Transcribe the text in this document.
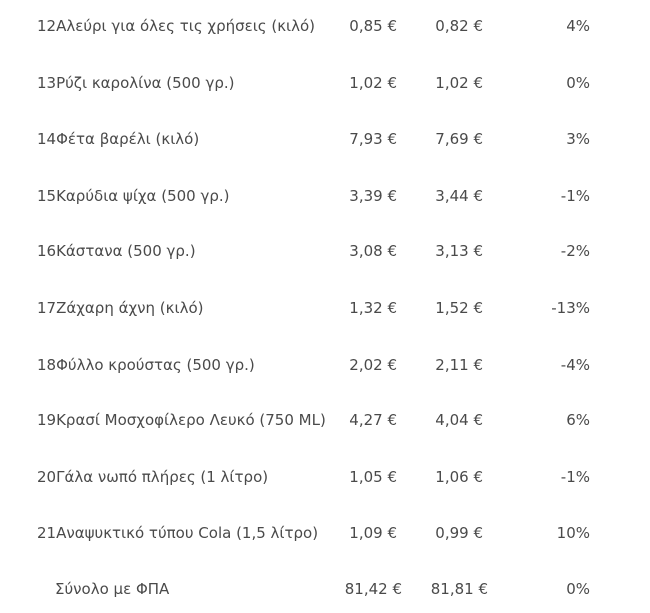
12Αλεύρι για όλες τις χρήσεις (κιλό) 0,85 €	0,82 €	4%
13Ρύζι καρολίνα (500 γρ.)	1,02 €	1,02 €	0%
14Φέτα βαρέλι (κιλό)	7,93 €	7,69 €	3%
15Καρύδια ψίχα (500 γρ.)	3,39 €	3,44 €	-1%
16Κάστανα (500 γρ.)	3,08 €	3,13 €	-2%
17Ζάχαρη άχνη (κιλό)	1,32 €	1,52 €	-13%
18Φύλλο κρούστας (500 γρ.)	2,02 €	2,11 €	-4%
19Κρασί Μοσχοφίλερο Λευκό (750 ML) 4,27 €	4,04 €	6%
20Γάλα νωπό πλήρες (1 λίτρο)	1,05 €	1,06 €	-1%
21Αναψυκτικό τύπου Cola (1,5 λίτρο) 1,09 €	0,99 €	10%
Σύνολο με ΦΠΑ	81,42 € 81,81 €	0%
